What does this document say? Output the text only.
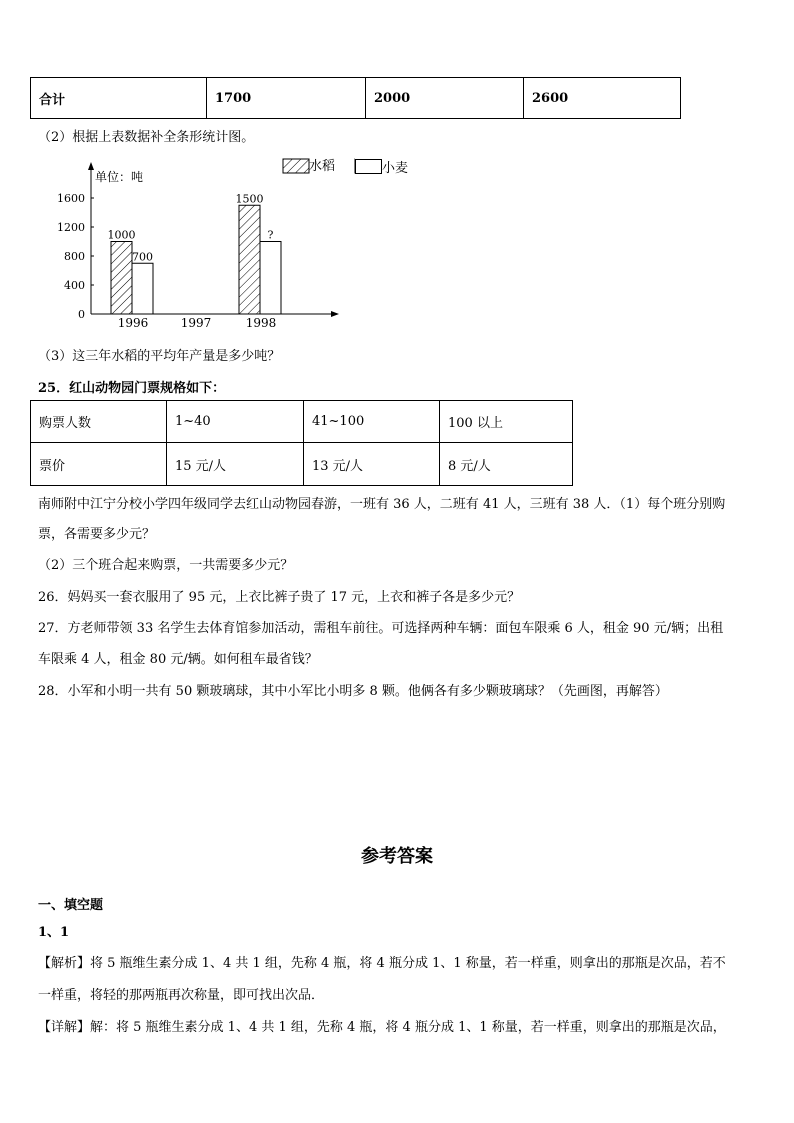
合计	1700	2000	2600
（2）根据上表数据补全条形统计图。
单位：吨
0
400
800
1200
1600
1000
700
1500
?
1996	1997	1998
水稻	小麦
（3）这三年水稻的平均年产量是多少吨？
25．红山动物园门票规格如下：
购票人数	1~40	41~100	100 以上
票价	15 元/人	13 元/人	8 元/人
南师附中江宁分校小学四年级同学去红山动物园春游，一班有 36 人，二班有 41 人，三班有 38 人．（1）每个班分别购
票，各需要多少元？
（2）三个班合起来购票，一共需要多少元？
26．妈妈买一套衣服用了 95 元，上衣比裤子贵了 17 元，上衣和裤子各是多少元？
27．方老师带领 33 名学生去体育馆参加活动，需租车前往。可选择两种车辆：面包车限乘 6 人，租金 90 元/辆；出租
车限乘 4 人，租金 80 元/辆。如何租车最省钱？
28．小军和小明一共有 50 颗玻璃球，其中小军比小明多 8 颗。他俩各有多少颗玻璃球？（先画图，再解答）
参考答案
一、填空题
1、1
【解析】将 5 瓶维生素分成 1、4 共 1 组，先称 4 瓶，将 4 瓶分成 1、1 称量，若一样重，则拿出的那瓶是次品，若不
一样重，将轻的那两瓶再次称量，即可找出次品．
【详解】解：将 5 瓶维生素分成 1、4 共 1 组，先称 4 瓶，将 4 瓶分成 1、1 称量，若一样重，则拿出的那瓶是次品，
